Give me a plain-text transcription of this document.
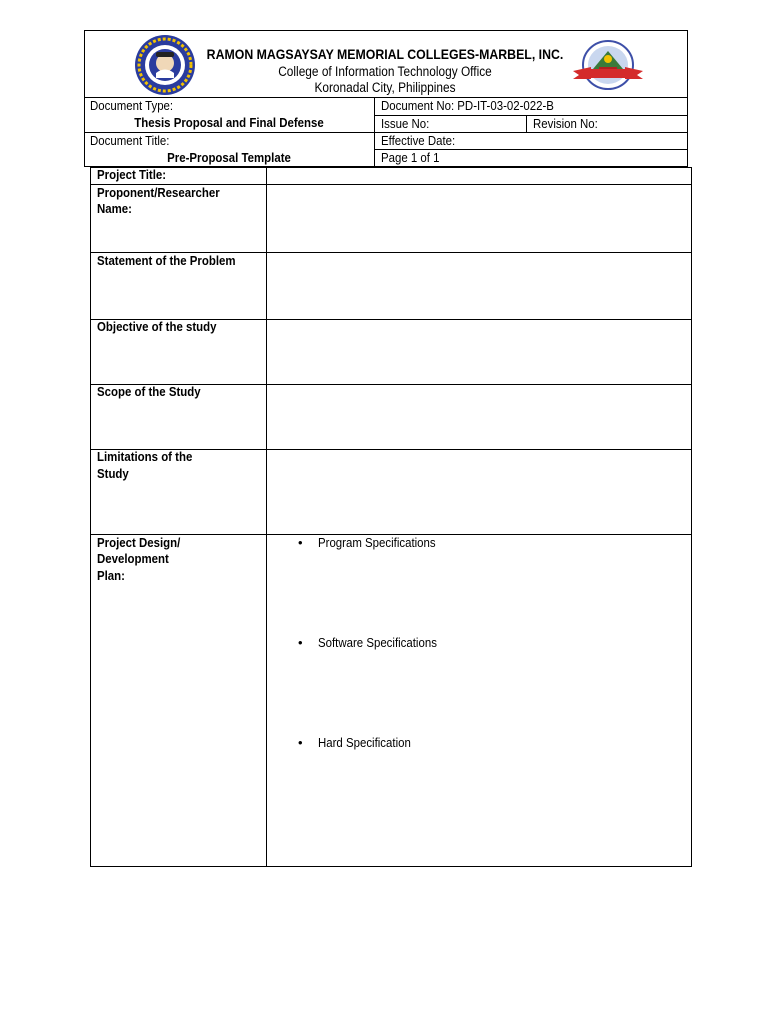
RAMON MAGSAYSAY MEMORIAL COLLEGES-MARBEL, INC.
College of Information Technology Office
Koronadal City, Philippines
Document Type:
Thesis Proposal and Final Defense
Document Title:
Pre-Proposal Template
Document No: PD-IT-03-02-022-B
Issue No:	Revision No:
Effective Date:
Page 1 of 1
Project Title:
Proponent/Researcher
Name:
Statement of the Problem
Objective of the study
Scope of the Study
Limitations of the
Study
Project Design/
Development
Plan:
• Program Specifications
• Software Specifications
• Hard Specification
